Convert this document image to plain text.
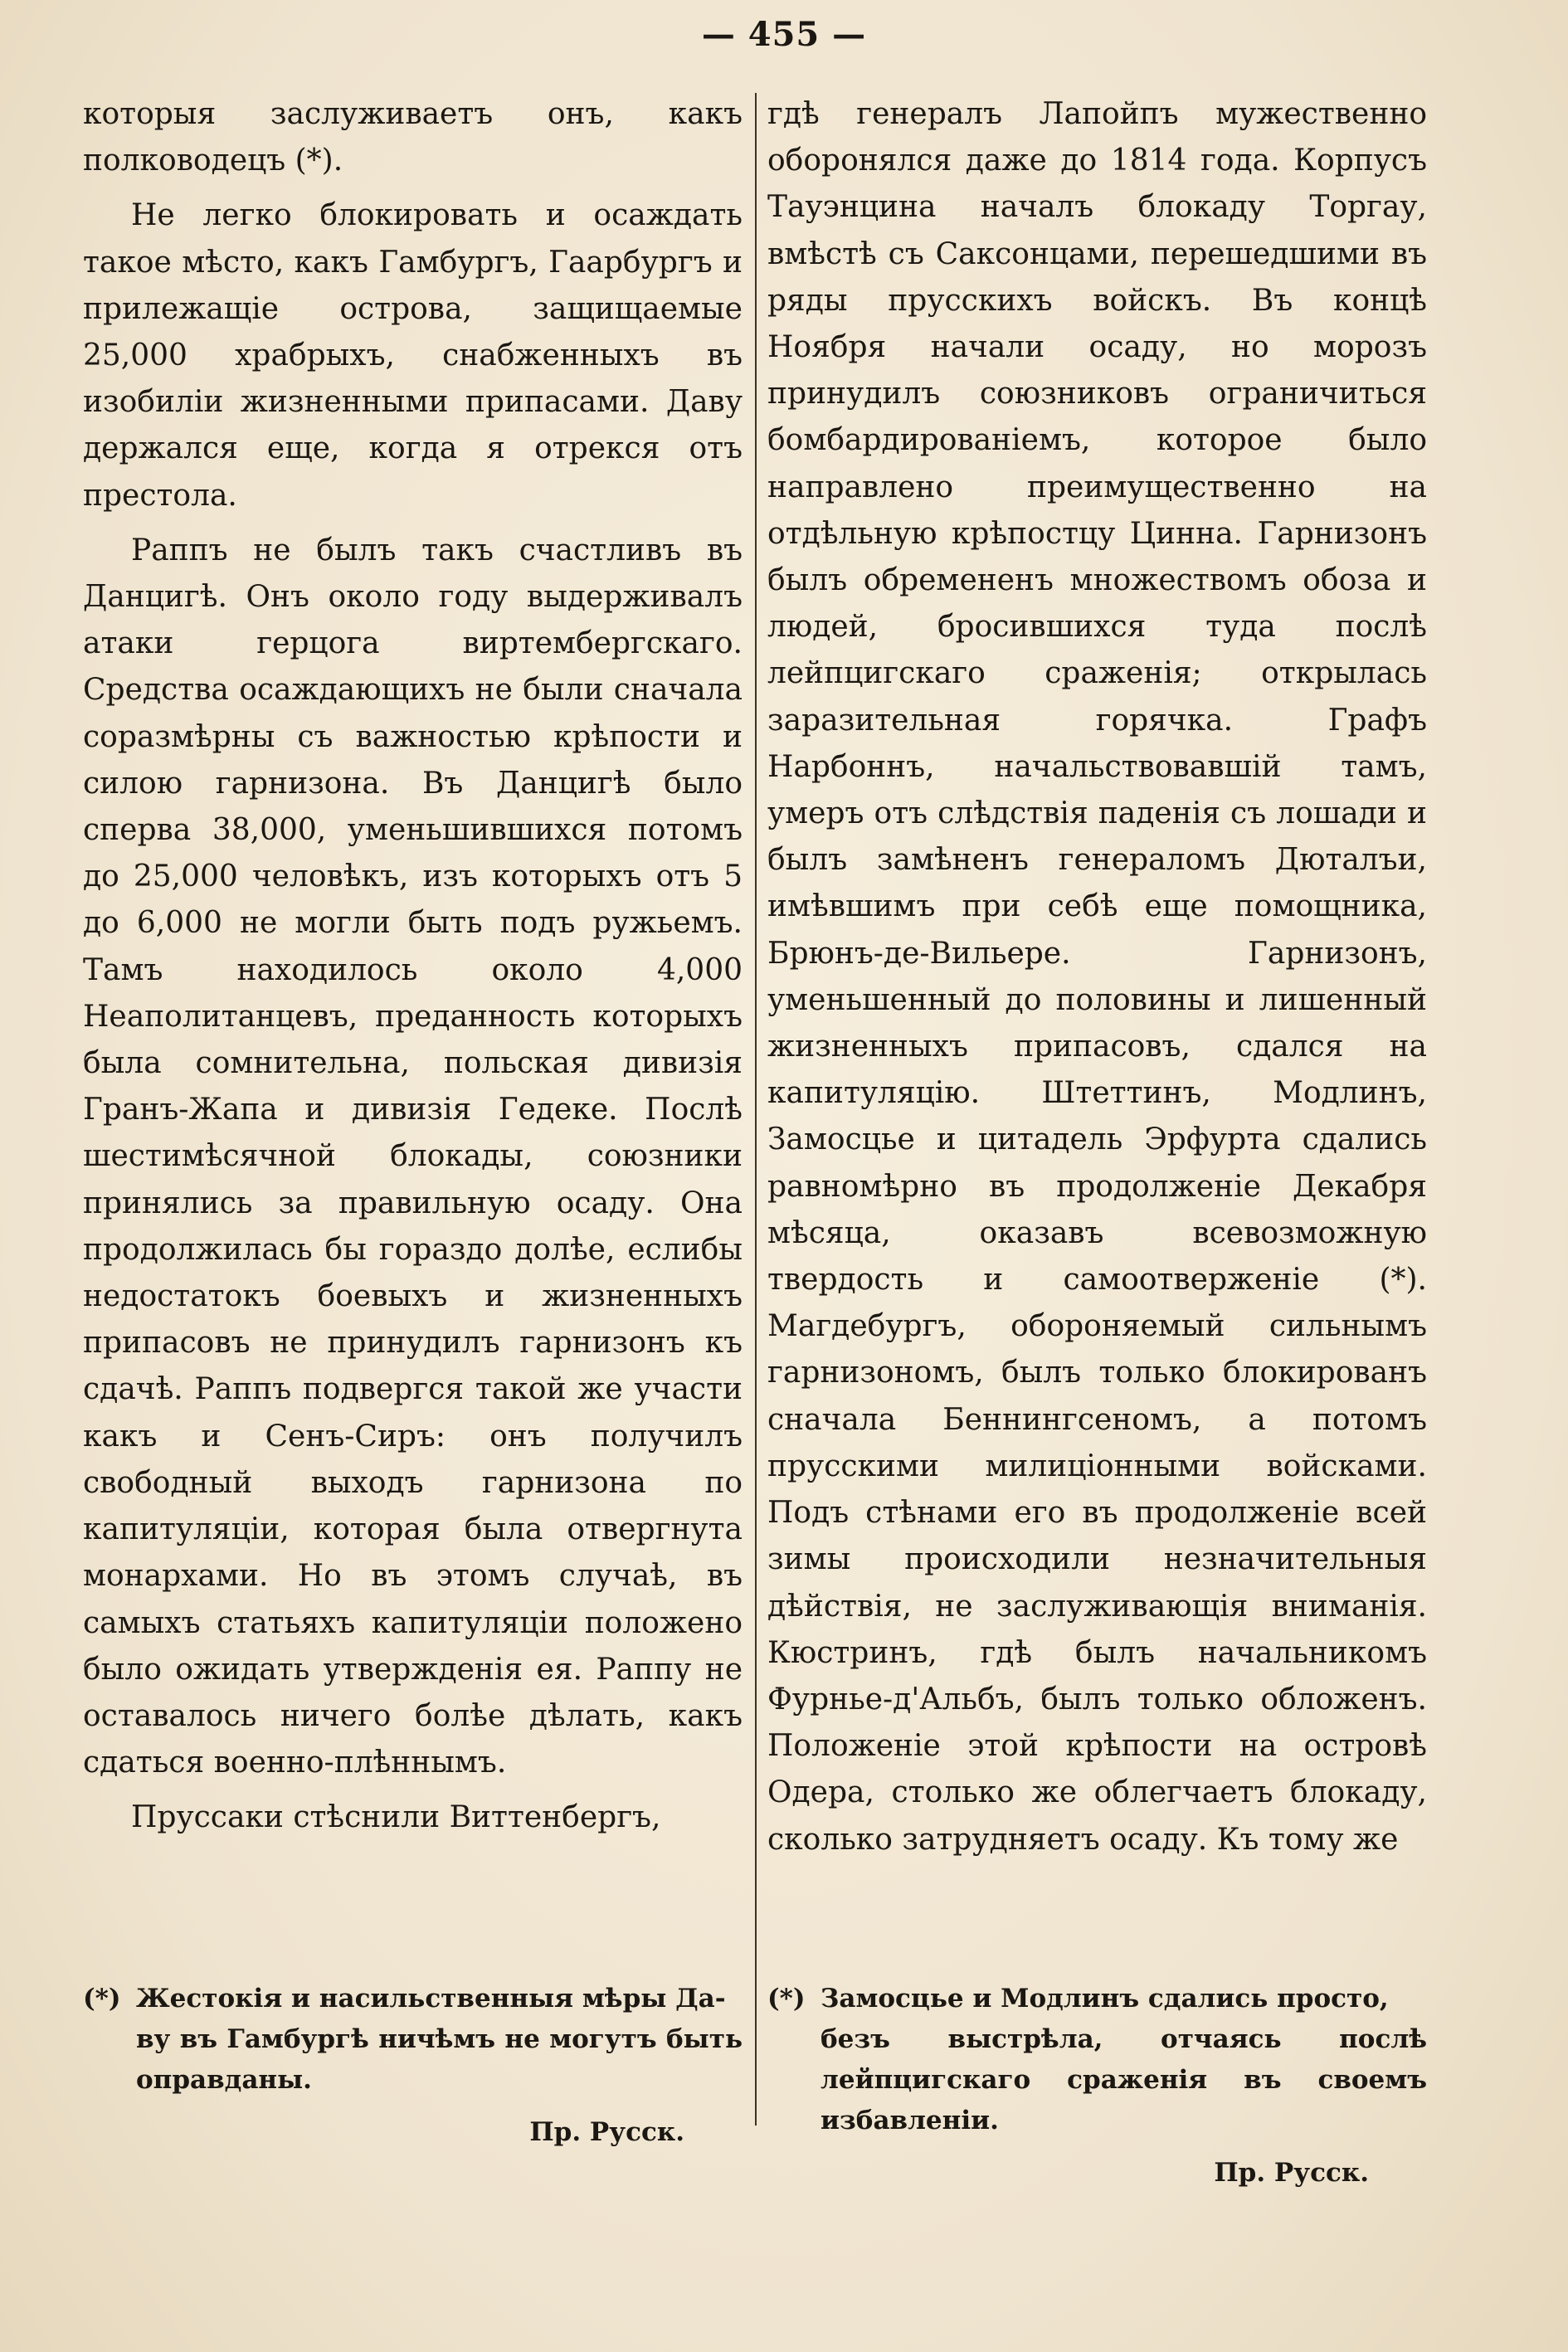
— 455 —

которыя заслуживаетъ онъ, какъ полководецъ (*).

Не легко блокировать и осаждать такое мѣсто, какъ Гамбургъ, Гаарбургъ и прилежащіе острова, защищаемые 25,000 храбрыхъ, снабженныхъ въ изобиліи жизненными припасами. Даву держался еще, когда я отрекся отъ престола.

Раппъ не былъ такъ счастливъ въ Данцигѣ. Онъ около году выдерживалъ атаки герцога виртембергскаго. Средства осаждающихъ не были сначала соразмѣрны съ важностью крѣпости и силою гарнизона. Въ Данцигѣ было сперва 38,000, уменьшившихся потомъ до 25,000 человѣкъ, изъ которыхъ отъ 5 до 6,000 не могли быть подъ ружьемъ. Тамъ находилось около 4,000 Неаполитанцевъ, преданность которыхъ была сомнительна, польская дивизія Гранъ-Жапа и дивизія Гедеке. Послѣ шестимѣсячной блокады, союзники принялись за правильную осаду. Она продолжилась бы гораздо долѣе, еслибы недостатокъ боевыхъ и жизненныхъ припасовъ не принудилъ гарнизонъ къ сдачѣ. Раппъ подвергся такой же участи какъ и Сенъ-Сиръ: онъ получилъ свободный выходъ гарнизона по капитуляціи, которая была отвергнута монархами. Но въ этомъ случаѣ, въ самыхъ статьяхъ капитуляціи положено было ожидать утвержденія ея. Раппу не оставалось ничего болѣе дѣлать, какъ сдаться военно-плѣннымъ.

Пруссаки стѣснили Виттенбергъ,

гдѣ генералъ Лапойпъ мужественно оборонялся даже до 1814 года. Корпусъ Тауэнцина началъ блокаду Торгау, вмѣстѣ съ Саксонцами, перешедшими въ ряды прусскихъ войскъ. Въ концѣ Ноября начали осаду, но морозъ принудилъ союзниковъ ограничиться бомбардированіемъ, которое было направлено преимущественно на отдѣльную крѣпостцу Цинна. Гарнизонъ былъ обремененъ множествомъ обоза и людей, бросившихся туда послѣ лейпцигскаго сраженія; открылась заразительная горячка. Графъ Нарбоннъ, начальствовавшій тамъ, умеръ отъ слѣдствія паденія съ лошади и былъ замѣненъ генераломъ Дюталъи, имѣвшимъ при себѣ еще помощника, Брюнъ-де-Вильере. Гарнизонъ, уменьшенный до половины и лишенный жизненныхъ припасовъ, сдался на капитуляцію. Штеттинъ, Модлинъ, Замосцье и цитадель Эрфурта сдались равномѣрно въ продолженіе Декабря мѣсяца, оказавъ всевозможную твердость и самоотверженіе (*). Магдебургъ, обороняемый сильнымъ гарнизономъ, былъ только блокированъ сначала Беннингсеномъ, а потомъ прусскими милиціонными войсками. Подъ стѣнами его въ продолженіе всей зимы происходили незначительныя дѣйствія, не заслуживающія вниманія. Кюстринъ, гдѣ былъ начальникомъ Фурнье-д'Альбъ, былъ только обложенъ. Положеніе этой крѣпости на островѣ Одера, столько же облегчаетъ блокаду, сколько затрудняетъ осаду. Къ тому же

(*) Жестокія и насильственныя мѣры Да-

ву въ Гамбургѣ ничѣмъ не могутъ быть оправданы.

Пр. Русск.

(*) Замосцье и Модлинъ сдались просто,

безъ выстрѣла, отчаясь послѣ лейпцигскаго сраженія въ своемъ избавленіи.

Пр. Русск.
